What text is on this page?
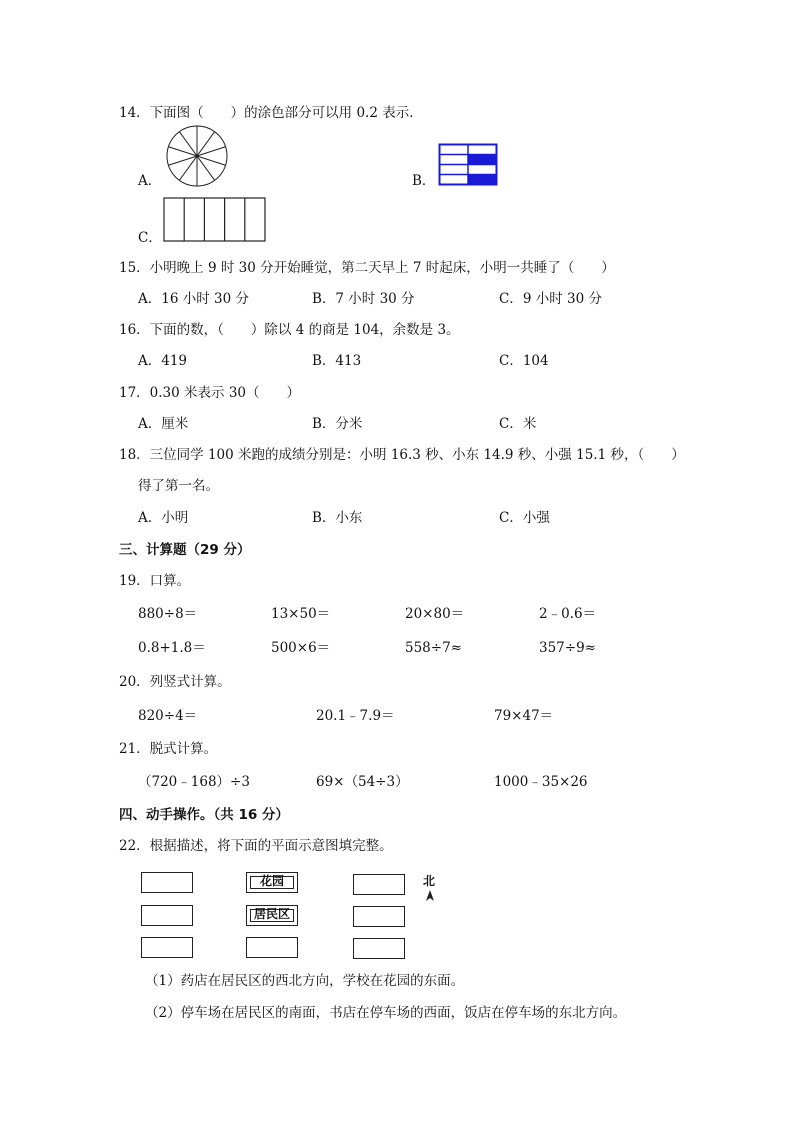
14．下面图（　　）的涂色部分可以用 0.2 表示．
A．	B．
C．
15．小明晚上 9 时 30 分开始睡觉，第二天早上 7 时起床，小明一共睡了（　　）
A．16 小时 30 分	B．7 小时 30 分	C．9 小时 30 分
16．下面的数，（　　）除以 4 的商是 104，余数是 3。
A．419	B．413	C．104
17．0.30 米表示 30（　　）
A．厘米	B．分米	C．米
18．三位同学 100 米跑的成绩分别是：小明 16.3 秒、小东 14.9 秒、小强 15.1 秒，（　　）
得了第一名。
A．小明	B．小东	C．小强
三、计算题（29 分）
19．口算。
880÷8＝	13×50＝	20×80＝	2﹣0.6＝
0.8+1.8＝	500×6＝	558÷7≈	357÷9≈
20．列竖式计算。
820÷4＝	20.1﹣7.9＝	79×47＝
21．脱式计算。
（720﹣168）÷3	69×（54÷3）	1000﹣35×26
四、动手操作。（共 16 分）
22．根据描述，将下面的平面示意图填完整。
花园
居民区
北
（1）药店在居民区的西北方向，学校在花园的东面。
（2）停车场在居民区的南面，书店在停车场的西面，饭店在停车场的东北方向。
